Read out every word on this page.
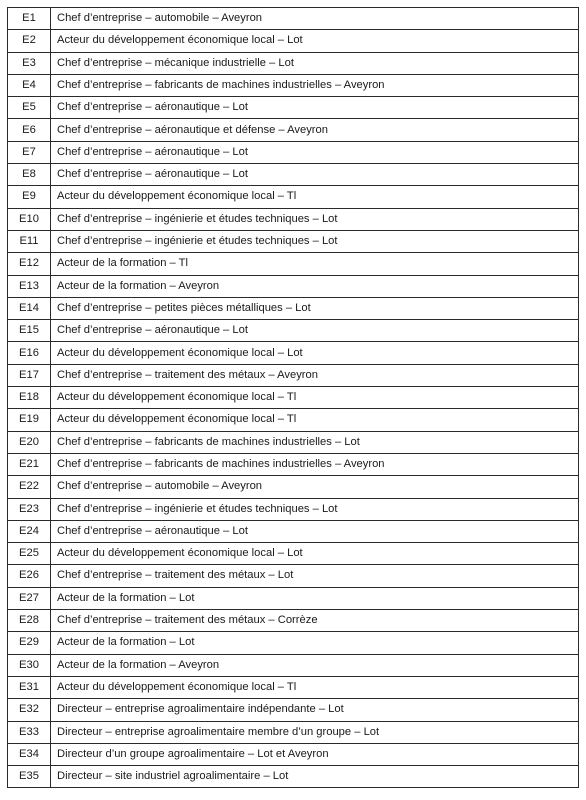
E1	Chef d’entreprise – automobile – Aveyron
E2	Acteur du développement économique local – Lot
E3	Chef d’entreprise – mécanique industrielle – Lot
E4	Chef d’entreprise – fabricants de machines industrielles – Aveyron
E5	Chef d’entreprise – aéronautique – Lot
E6	Chef d’entreprise – aéronautique et défense – Aveyron
E7	Chef d’entreprise – aéronautique – Lot
E8	Chef d’entreprise – aéronautique – Lot
E9	Acteur du développement économique local – Tl
E10	Chef d’entreprise – ingénierie et études techniques – Lot
E11	Chef d’entreprise – ingénierie et études techniques – Lot
E12	Acteur de la formation – Tl
E13	Acteur de la formation – Aveyron
E14	Chef d’entreprise – petites pièces métalliques – Lot
E15	Chef d’entreprise – aéronautique – Lot
E16	Acteur du développement économique local – Lot
E17	Chef d’entreprise – traitement des métaux – Aveyron
E18	Acteur du développement économique local – Tl
E19	Acteur du développement économique local – Tl
E20	Chef d’entreprise – fabricants de machines industrielles – Lot
E21	Chef d’entreprise – fabricants de machines industrielles – Aveyron
E22	Chef d’entreprise – automobile – Aveyron
E23	Chef d’entreprise – ingénierie et études techniques – Lot
E24	Chef d’entreprise – aéronautique – Lot
E25	Acteur du développement économique local – Lot
E26	Chef d’entreprise – traitement des métaux – Lot
E27	Acteur de la formation – Lot
E28	Chef d’entreprise – traitement des métaux – Corrèze
E29	Acteur de la formation – Lot
E30	Acteur de la formation – Aveyron
E31	Acteur du développement économique local – Tl
E32	Directeur – entreprise agroalimentaire indépendante – Lot
E33	Directeur – entreprise agroalimentaire membre d’un groupe – Lot
E34	Directeur d’un groupe agroalimentaire – Lot et Aveyron
E35	Directeur – site industriel agroalimentaire – Lot
